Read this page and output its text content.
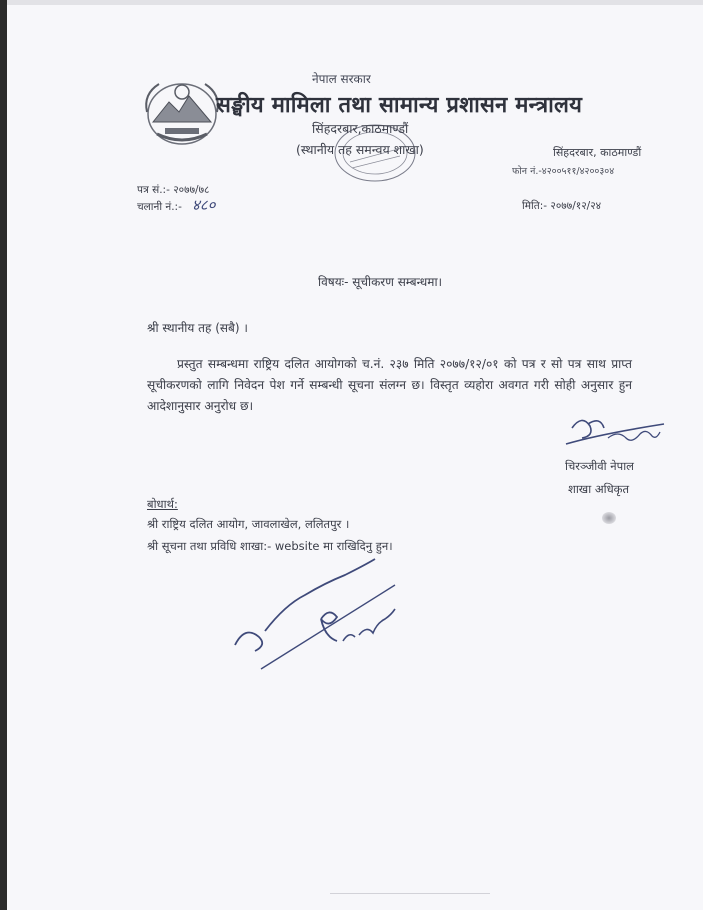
नेपाल सरकार
सङ्घीय मामिला तथा सामान्य प्रशासन मन्त्रालय
सिंहदरबार,काठमाण्डौं
(स्थानीय तह समन्वय शाखा)	सिंहदरबार, काठमाण्डौं
फोन नं.-४२००५११/४२००३०४
पत्र सं.:- २०७७/७८
चलानी नं.:- ४८०	मिति:- २०७७/१२/२४
विषयः- सूचीकरण सम्बन्धमा।
श्री स्थानीय तह (सबै) ।

प्रस्तुत सम्बन्धमा राष्ट्रिय दलित आयोगको च.नं. २३७ मिति २०७७/१२/०१ को पत्र र सो पत्र साथ प्राप्त सूचीकरणको लागि निवेदन पेश गर्ने सम्बन्धी सूचना संलग्न छ। विस्तृत व्यहोरा अवगत गरी सोही अनुसार हुन आदेशानुसार अनुरोध छ।

चिरञ्जीवी नेपाल
शाखा अधिकृत
बोधार्थ:
श्री राष्ट्रिय दलित आयोग, जावलाखेल, ललितपुर ।
श्री सूचना तथा प्रविधि शाखा:- website मा राखिदिनु हुन।
